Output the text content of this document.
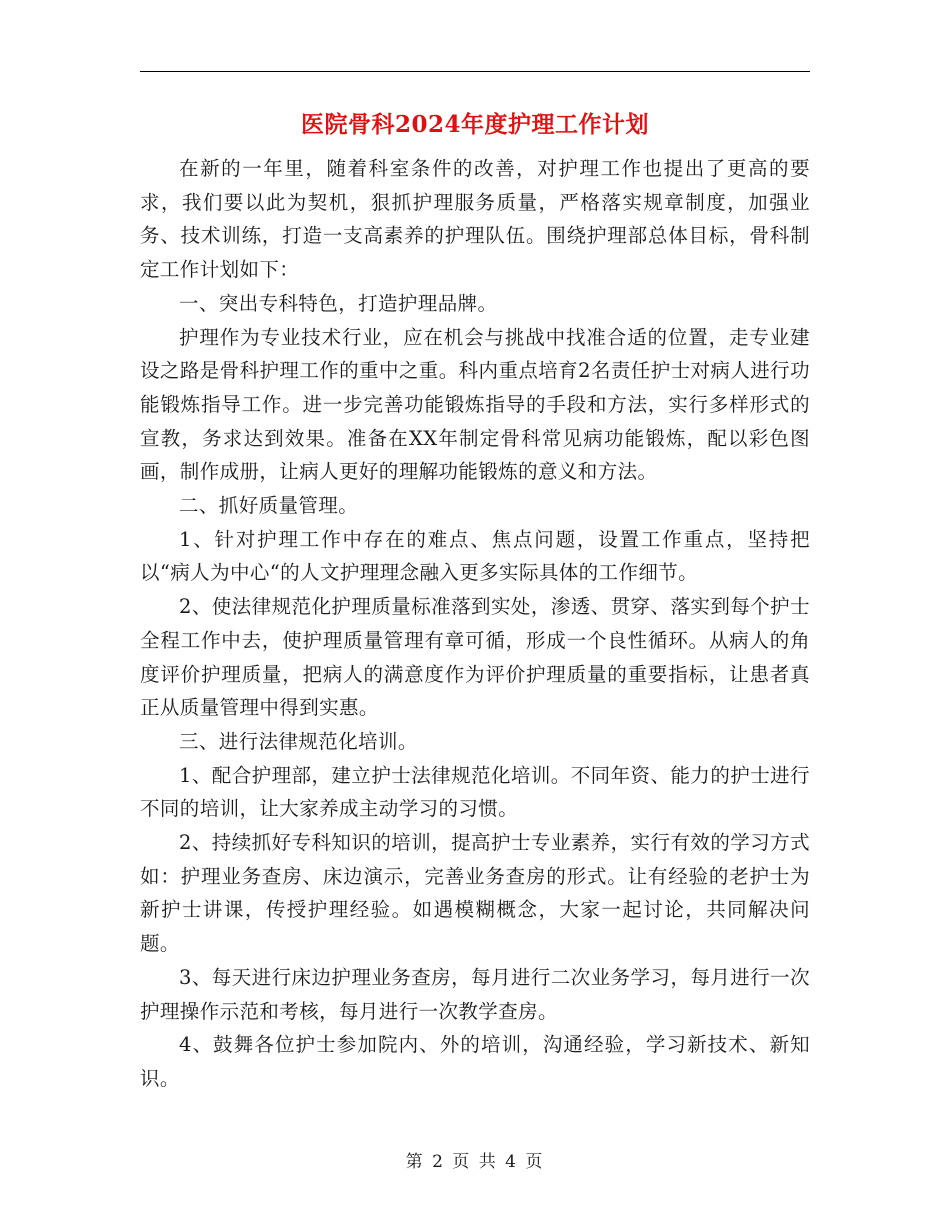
医院骨科2024年度护理工作计划

在新的一年里，随着科室条件的改善，对护理工作也提出了更高的要求，我们要以此为契机，狠抓护理服务质量，严格落实规章制度，加强业务、技术训练，打造一支高素养的护理队伍。围绕护理部总体目标，骨科制定工作计划如下：

一、突出专科特色，打造护理品牌。

护理作为专业技术行业，应在机会与挑战中找准合适的位置，走专业建设之路是骨科护理工作的重中之重。科内重点培育2名责任护士对病人进行功能锻炼指导工作。进一步完善功能锻炼指导的手段和方法，实行多样形式的宣教，务求达到效果。准备在XX年制定骨科常见病功能锻炼，配以彩色图画，制作成册，让病人更好的理解功能锻炼的意义和方法。

二、抓好质量管理。

1、针对护理工作中存在的难点、焦点问题，设置工作重点，坚持把以“病人为中心“的人文护理理念融入更多实际具体的工作细节。

2、使法律规范化护理质量标准落到实处，渗透、贯穿、落实到每个护士全程工作中去，使护理质量管理有章可循，形成一个良性循环。从病人的角度评价护理质量，把病人的满意度作为评价护理质量的重要指标，让患者真正从质量管理中得到实惠。

三、进行法律规范化培训。

1、配合护理部，建立护士法律规范化培训。不同年资、能力的护士进行不同的培训，让大家养成主动学习的习惯。

2、持续抓好专科知识的培训，提高护士专业素养，实行有效的学习方式如：护理业务查房、床边演示，完善业务查房的形式。让有经验的老护士为新护士讲课，传授护理经验。如遇模糊概念，大家一起讨论，共同解决问题。

3、每天进行床边护理业务查房，每月进行二次业务学习，每月进行一次护理操作示范和考核，每月进行一次教学查房。

4、鼓舞各位护士参加院内、外的培训，沟通经验，学习新技术、新知识。

第 2 页 共 4 页
